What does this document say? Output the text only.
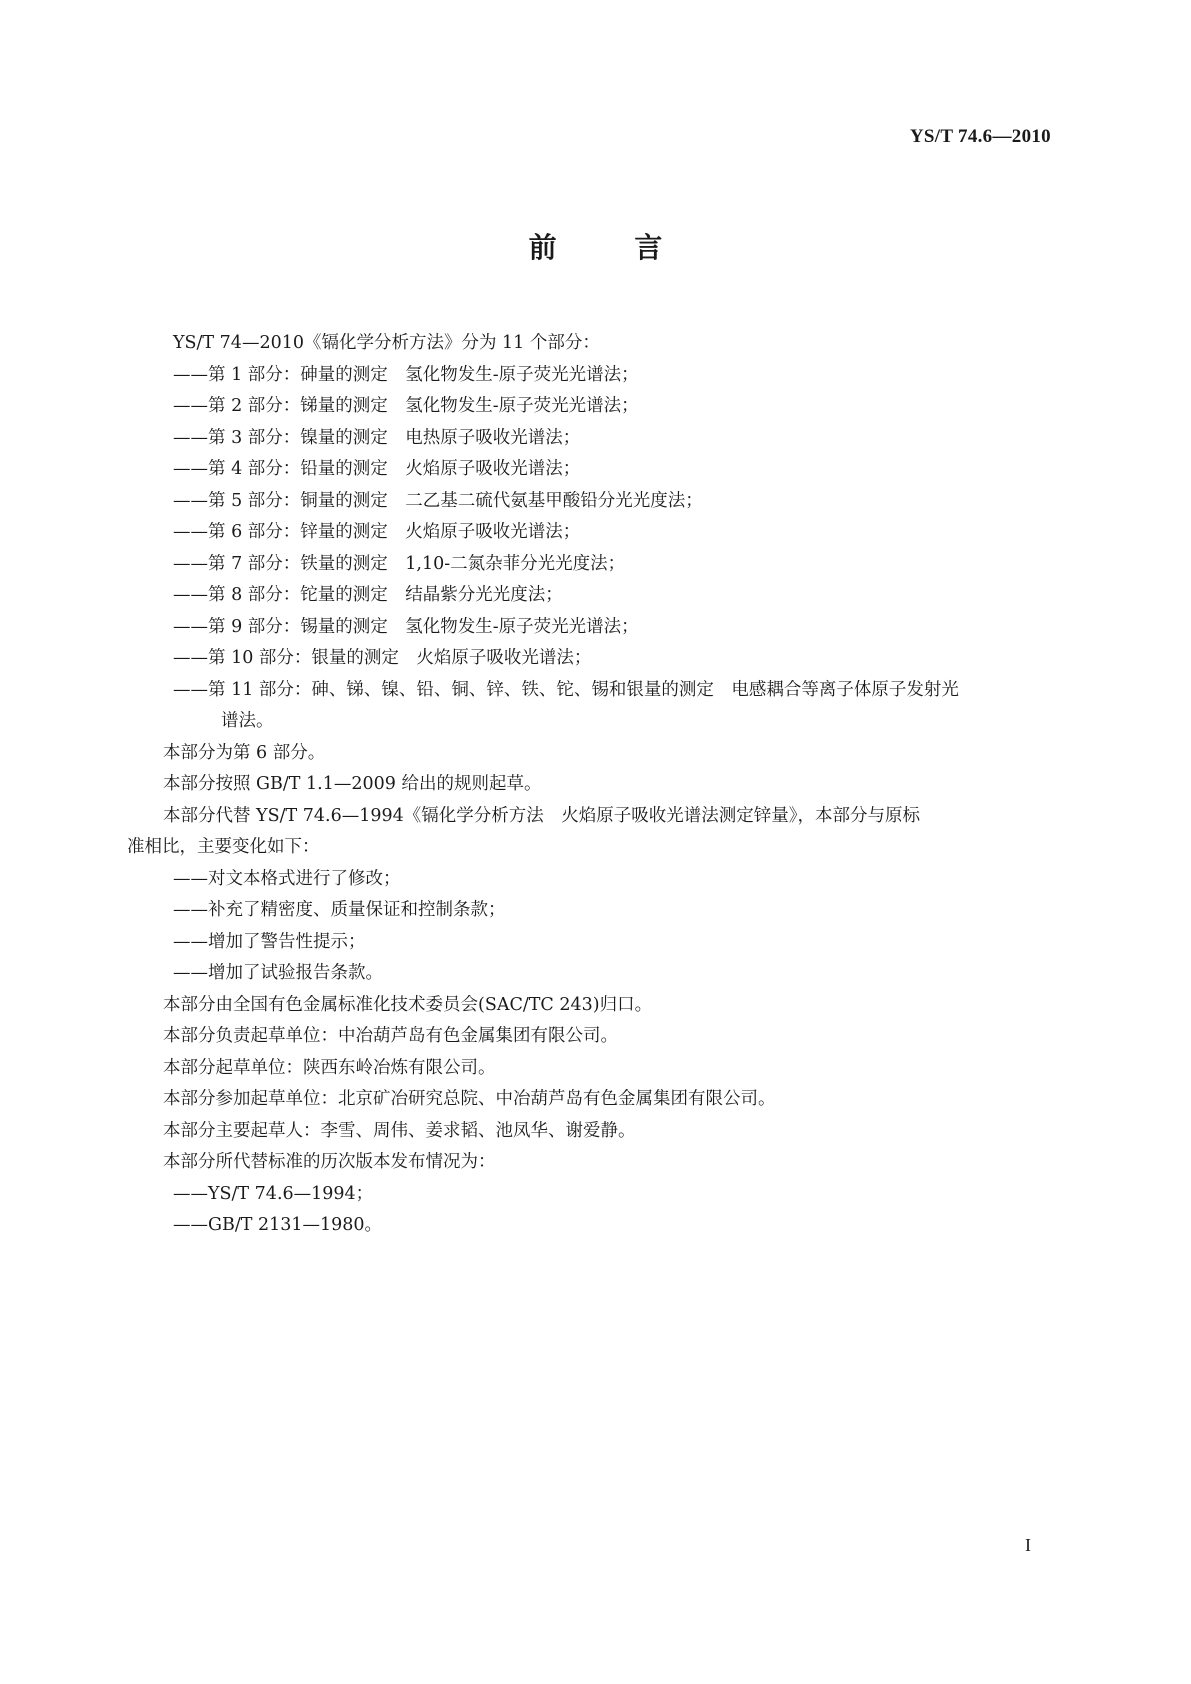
YS/T 74.6—2010
前 言
YS/T 74—2010《镉化学分析方法》分为 11 个部分：
——第 1 部分：砷量的测定　氢化物发生-原子荧光光谱法；
——第 2 部分：锑量的测定　氢化物发生-原子荧光光谱法；
——第 3 部分：镍量的测定　电热原子吸收光谱法；
——第 4 部分：铅量的测定　火焰原子吸收光谱法；
——第 5 部分：铜量的测定　二乙基二硫代氨基甲酸铅分光光度法；
——第 6 部分：锌量的测定　火焰原子吸收光谱法；
——第 7 部分：铁量的测定　1,10-二氮杂菲分光光度法；
——第 8 部分：铊量的测定　结晶紫分光光度法；
——第 9 部分：锡量的测定　氢化物发生-原子荧光光谱法；
——第 10 部分：银量的测定　火焰原子吸收光谱法；
——第 11 部分：砷、锑、镍、铅、铜、锌、铁、铊、锡和银量的测定　电感耦合等离子体原子发射光
谱法。
本部分为第 6 部分。
本部分按照 GB/T 1.1—2009 给出的规则起草。
本部分代替 YS/T 74.6—1994《镉化学分析方法　火焰原子吸收光谱法测定锌量》，本部分与原标
准相比，主要变化如下：
——对文本格式进行了修改；
——补充了精密度、质量保证和控制条款；
——增加了警告性提示；
——增加了试验报告条款。
本部分由全国有色金属标准化技术委员会(SAC/TC 243)归口。
本部分负责起草单位：中冶葫芦岛有色金属集团有限公司。
本部分起草单位：陕西东岭冶炼有限公司。
本部分参加起草单位：北京矿冶研究总院、中冶葫芦岛有色金属集团有限公司。
本部分主要起草人：李雪、周伟、姜求韬、池凤华、谢爱静。
本部分所代替标准的历次版本发布情况为：
——YS/T 74.6—1994；
——GB/T 2131—1980。
I
